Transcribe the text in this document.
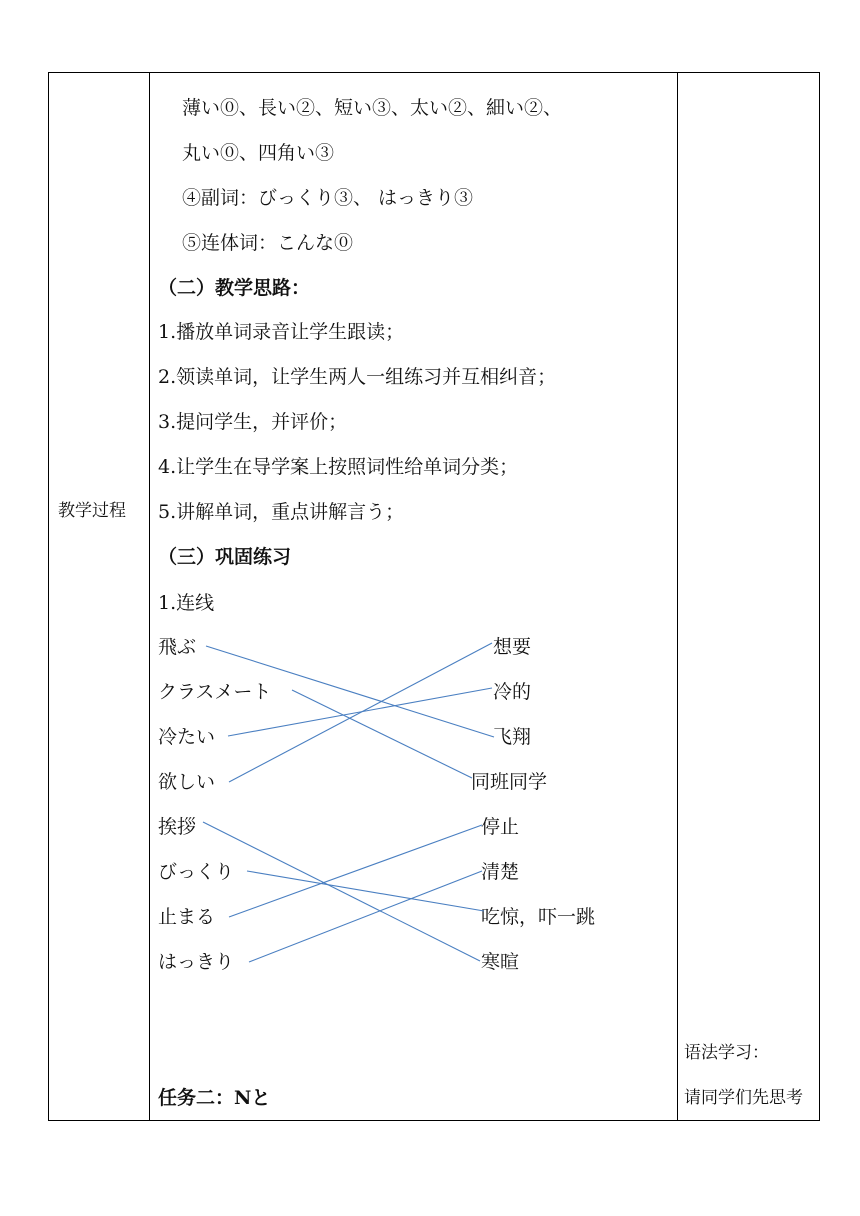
教学过程
薄い⓪、長い②、短い③、太い②、細い②、
丸い⓪、四角い③
④副词：びっくり③、 はっきり③
⑤连体词：こんな⓪
（二）教学思路：
1.播放单词录音让学生跟读；
2.领读单词，让学生两人一组练习并互相纠音；
3.提问学生，并评价；
4.让学生在导学案上按照词性给单词分类；
5.讲解单词，重点讲解言う；
（三）巩固练习
1.连线
飛ぶ
クラスメート
冷たい
欲しい
想要
冷的
飞翔
同班同学
挨拶
びっくり
止まる
はっきり
停止
清楚
吃惊，吓一跳
寒暄
任务二：Nと
语法学习：
请同学们先思考
